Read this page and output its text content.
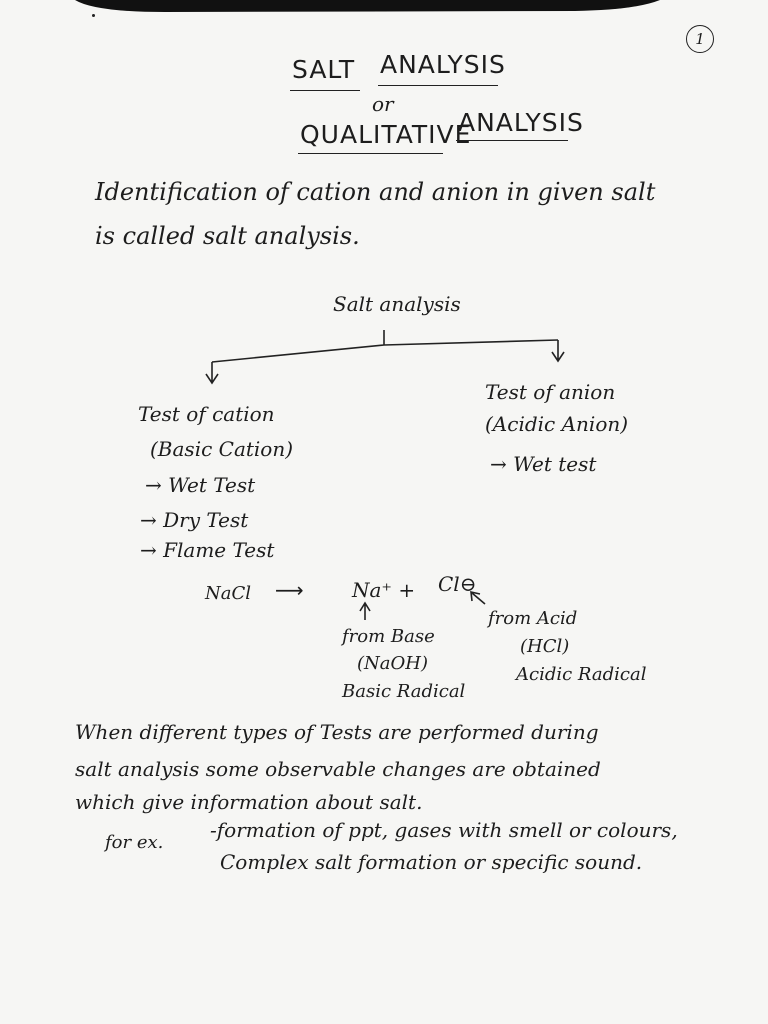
1
SALT ANALYSIS
or
QUALITATIVE
ANALYSIS
Identification of cation and anion in given salt
is called salt analysis.
Salt analysis
Test of cation
(Basic Cation)
→ Wet Test
→ Dry Test
→ Flame Test
Test of anion
(Acidic Anion)
→ Wet test
NaCl ⟶ Na⁺ + Cl⊖
from Base
(NaOH)
Basic Radical
from Acid
(HCl)
Acidic Radical
When different types of Tests are performed during
salt analysis some observable changes are obtained
which give information about salt.
for ex.
-formation of ppt, gases with smell or colours,
Complex salt formation or specific sound.
